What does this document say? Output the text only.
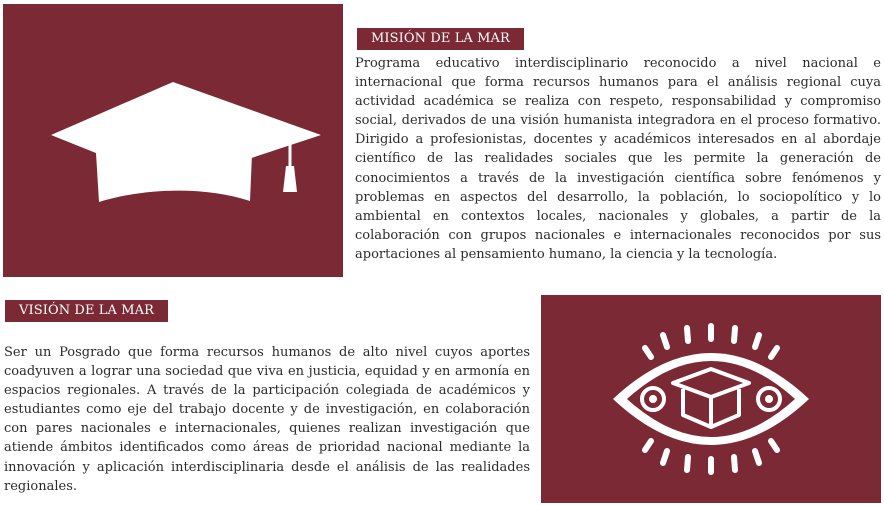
MISIÓN DE LA MAR

Programa educativo interdisciplinario reconocido a nivel nacional e internacional que forma recursos humanos para el análisis regional cuya actividad académica se realiza con respeto, responsabilidad y compromiso social, derivados de una visión humanista integradora en el proceso formativo. Dirigido a profesionistas, docentes y académicos interesados en al abordaje científico de las realidades sociales que les permite la generación de conocimientos a través de la investigación científica sobre fenómenos y problemas en aspectos del desarrollo, la población, lo sociopolítico y lo ambiental en contextos locales, nacionales y globales, a partir de la colaboración con grupos nacionales e internacionales reconocidos por sus aportaciones al pensamiento humano, la ciencia y la tecnología.

VISIÓN DE LA MAR

Ser un Posgrado que forma recursos humanos de alto nivel cuyos aportes coadyuven a lograr una sociedad que viva en justicia, equidad y en armonía en espacios regionales. A través de la participación colegiada de académicos y estudiantes como eje del trabajo docente y de investigación, en colaboración con pares nacionales e internacionales, quienes realizan investigación que atiende ámbitos identificados como áreas de prioridad nacional mediante la innovación y aplicación interdisciplinaria desde el análisis de las realidades regionales.
